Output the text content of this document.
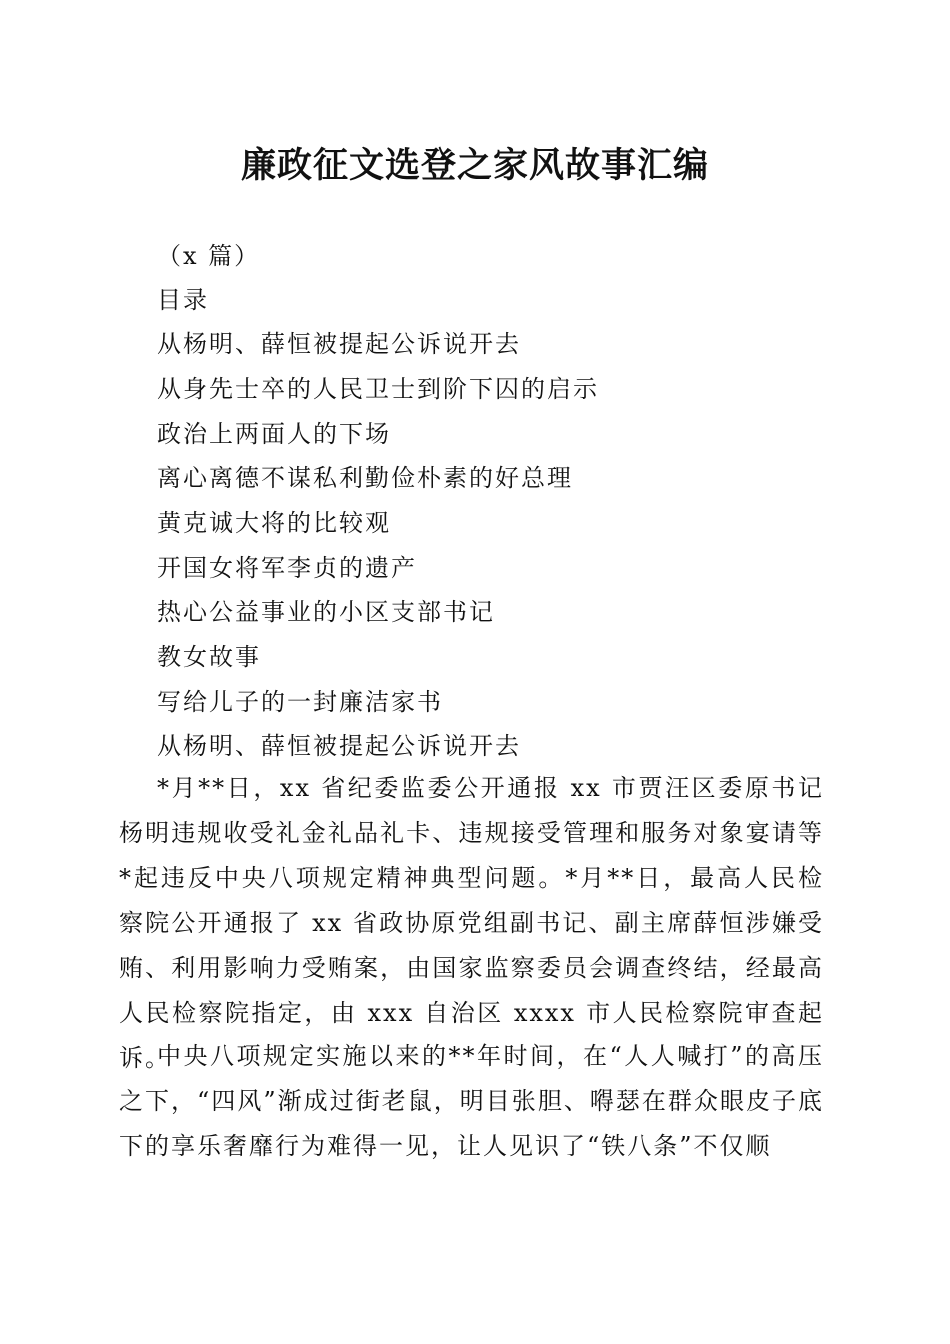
廉政征文选登之家风故事汇编
（x 篇）
目录
从杨明、薛恒被提起公诉说开去
从身先士卒的人民卫士到阶下囚的启示
政治上两面人的下场
离心离德不谋私利勤俭朴素的好总理
黄克诚大将的比较观
开国女将军李贞的遗产
热心公益事业的小区支部书记
教女故事
写给儿子的一封廉洁家书
从杨明、薛恒被提起公诉说开去
*月**日，xx 省纪委监委公开通报 xx 市贾汪区委原书记杨明违规收受礼金礼品礼卡、违规接受管理和服务对象宴请等*起违反中央八项规定精神典型问题。*月**日，最高人民检察院公开通报了 xx 省政协原党组副书记、副主席薛恒涉嫌受贿、利用影响力受贿案，由国家监察委员会调查终结，经最高人民检察院指定，由 xxx 自治区 xxxx 市人民检察院审查起诉。
中央八项规定实施以来的**年时间，在“人人喊打”的高压之下，“四风”渐成过街老鼠，明目张胆、嘚瑟在群众眼皮子底下的享乐奢靡行为难得一见，让人见识了“铁八条”不仅顺
